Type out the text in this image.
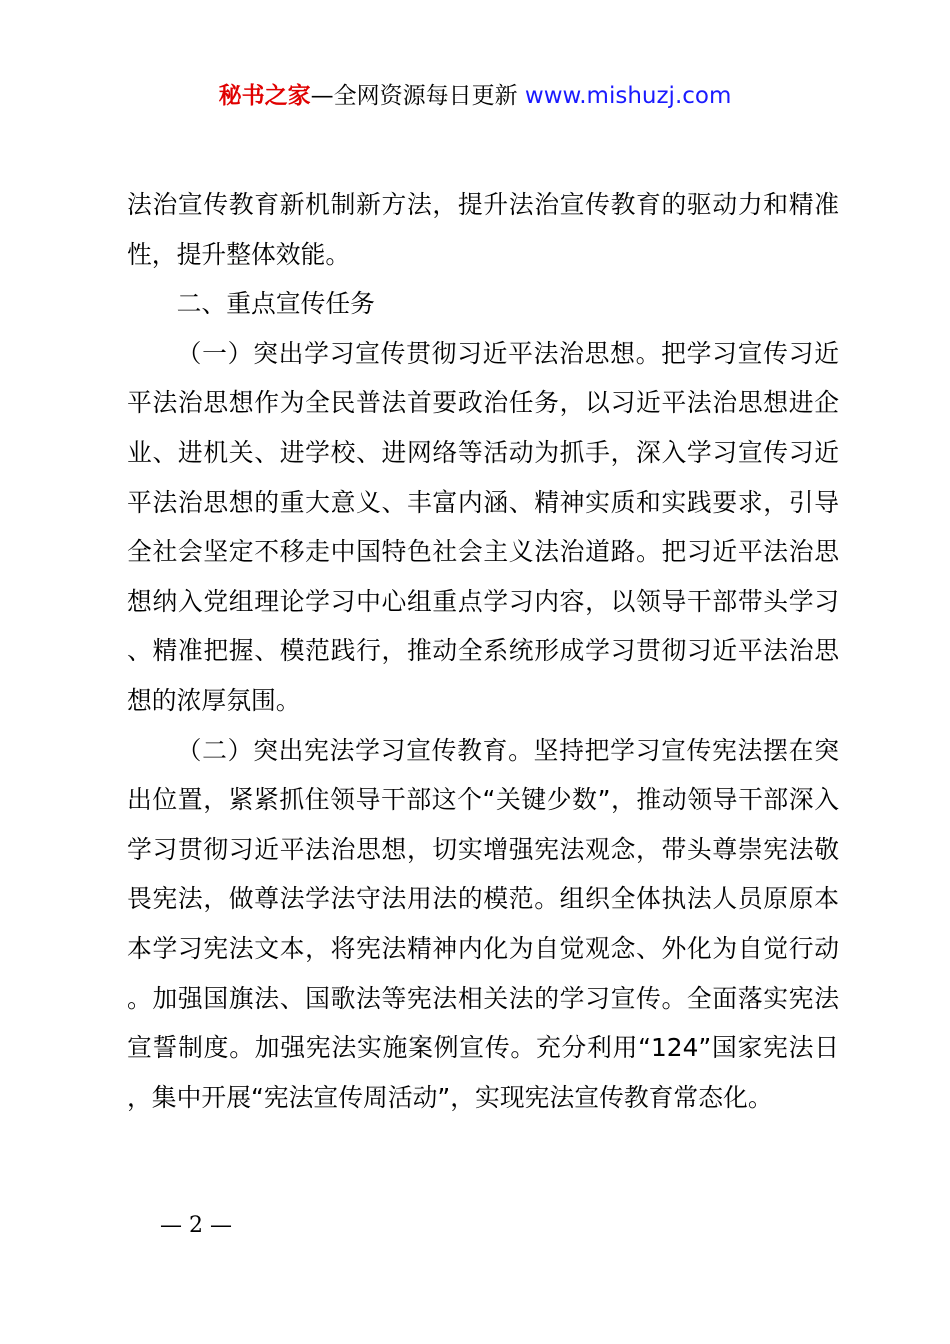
秘书之家—全网资源每日更新 www.mishuzj.com

法治宣传教育新机制新方法，提升法治宣传教育的驱动力和精准性，提升整体效能。

二、重点宣传任务

（一）突出学习宣传贯彻习近平法治思想。把学习宣传习近平法治思想作为全民普法首要政治任务，以习近平法治思想进企业、进机关、进学校、进网络等活动为抓手，深入学习宣传习近平法治思想的重大意义、丰富内涵、精神实质和实践要求，引导全社会坚定不移走中国特色社会主义法治道路。把习近平法治思想纳入党组理论学习中心组重点学习内容，以领导干部带头学习、精准把握、模范践行，推动全系统形成学习贯彻习近平法治思想的浓厚氛围。

（二）突出宪法学习宣传教育。坚持把学习宣传宪法摆在突出位置，紧紧抓住领导干部这个“关键少数”，推动领导干部深入学习贯彻习近平法治思想，切实增强宪法观念，带头尊崇宪法敬畏宪法，做尊法学法守法用法的模范。组织全体执法人员原原本本学习宪法文本，将宪法精神内化为自觉观念、外化为自觉行动。加强国旗法、国歌法等宪法相关法的学习宣传。全面落实宪法宣誓制度。加强宪法实施案例宣传。充分利用“124”国家宪法日，集中开展“宪法宣传周活动”，实现宪法宣传教育常态化。

— 2 —
